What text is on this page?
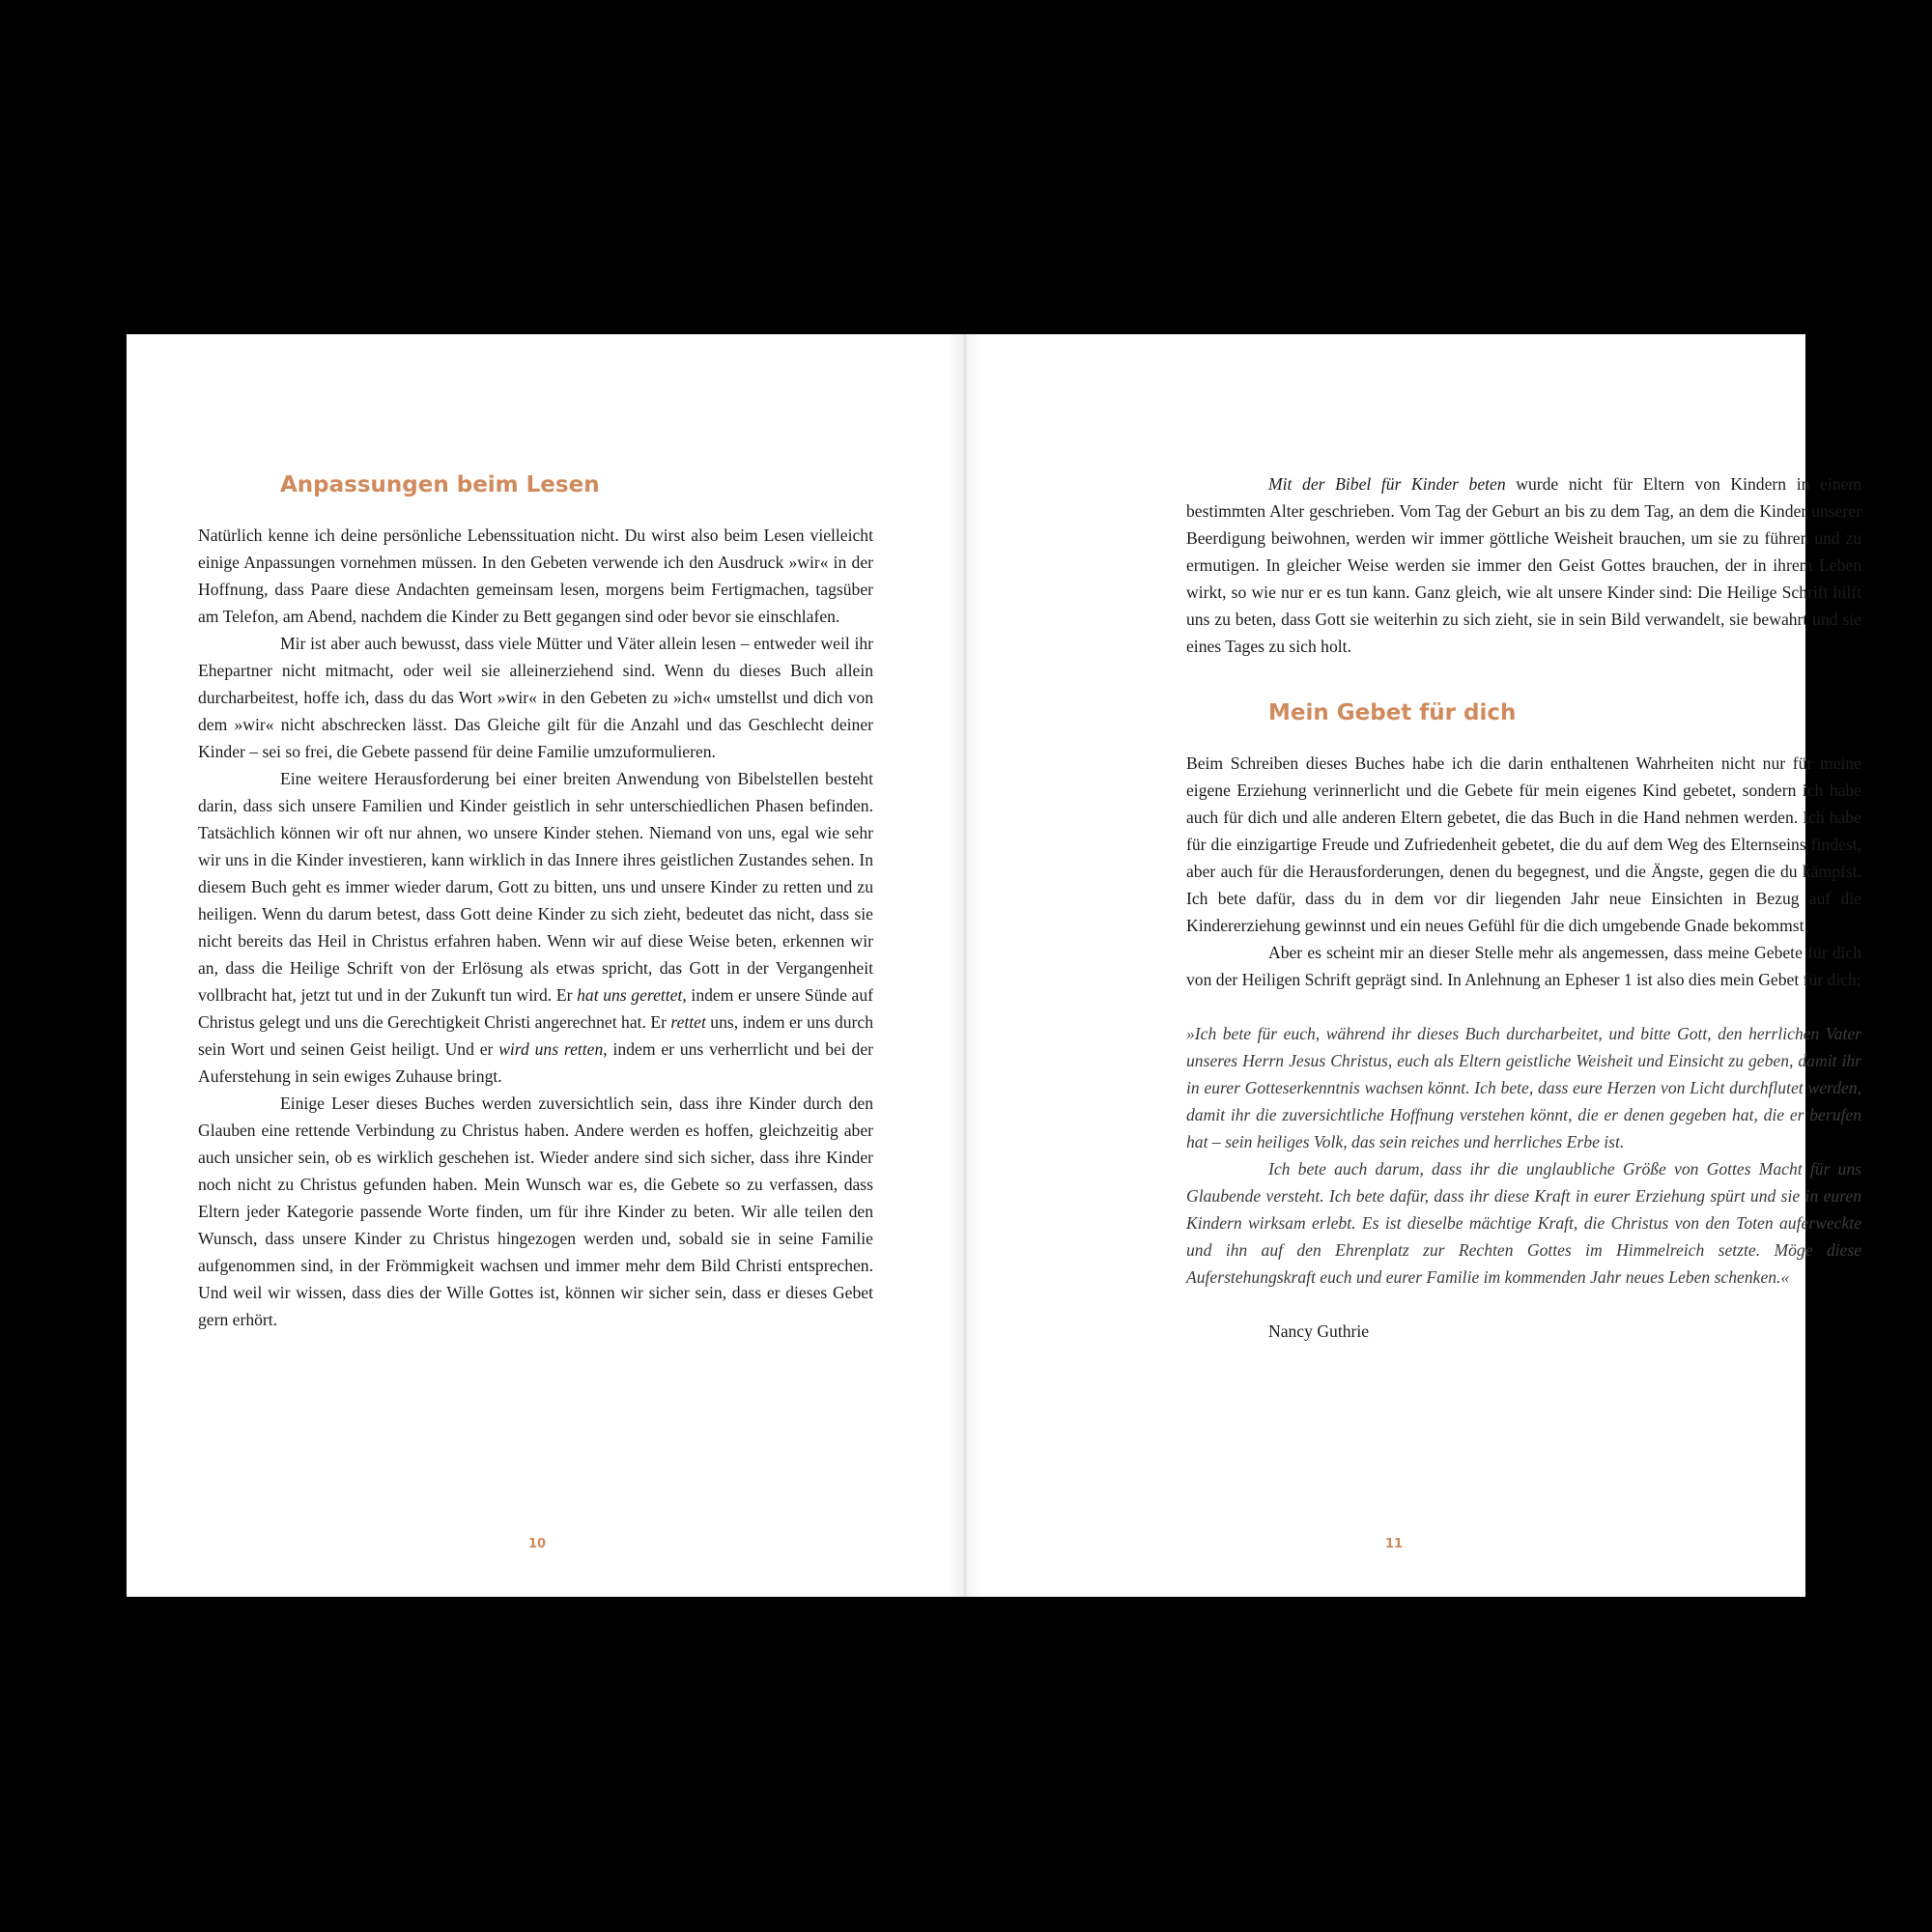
Anpassungen beim Lesen

Natürlich kenne ich deine persönliche Lebenssituation nicht. Du wirst also beim Lesen vielleicht einige Anpassungen vornehmen müssen. In den Gebeten verwende ich den Ausdruck »wir« in der Hoffnung, dass Paare diese Andachten gemeinsam lesen, morgens beim Fertigmachen, tagsüber am Telefon, am Abend, nachdem die Kinder zu Bett gegangen sind oder bevor sie einschlafen.

Mir ist aber auch bewusst, dass viele Mütter und Väter allein lesen – entweder weil ihr Ehepartner nicht mitmacht, oder weil sie alleinerziehend sind. Wenn du dieses Buch allein durcharbeitest, hoffe ich, dass du das Wort »wir« in den Gebeten zu »ich« umstellst und dich von dem »wir« nicht abschrecken lässt. Das Gleiche gilt für die Anzahl und das Geschlecht deiner Kinder – sei so frei, die Gebete passend für deine Familie umzuformulieren.

Eine weitere Herausforderung bei einer breiten Anwendung von Bibelstellen besteht darin, dass sich unsere Familien und Kinder geistlich in sehr unterschiedlichen Phasen befinden. Tatsächlich können wir oft nur ahnen, wo unsere Kinder stehen. Niemand von uns, egal wie sehr wir uns in die Kinder investieren, kann wirklich in das Innere ihres geistlichen Zustandes sehen. In diesem Buch geht es immer wieder darum, Gott zu bitten, uns und unsere Kinder zu retten und zu heiligen. Wenn du darum betest, dass Gott deine Kinder zu sich zieht, bedeutet das nicht, dass sie nicht bereits das Heil in Christus erfahren haben. Wenn wir auf diese Weise beten, erkennen wir an, dass die Heilige Schrift von der Erlösung als etwas spricht, das Gott in der Vergangenheit vollbracht hat, jetzt tut und in der Zukunft tun wird. Er hat uns gerettet, indem er unsere Sünde auf Christus gelegt und uns die Gerechtigkeit Christi angerechnet hat. Er rettet uns, indem er uns durch sein Wort und seinen Geist heiligt. Und er wird uns retten, indem er uns verherrlicht und bei der Auferstehung in sein ewiges Zuhause bringt.

Einige Leser dieses Buches werden zuversichtlich sein, dass ihre Kinder durch den Glauben eine rettende Verbindung zu Christus haben. Andere werden es hoffen, gleichzeitig aber auch unsicher sein, ob es wirklich geschehen ist. Wieder andere sind sich sicher, dass ihre Kinder noch nicht zu Christus gefunden haben. Mein Wunsch war es, die Gebete so zu verfassen, dass Eltern jeder Kategorie passende Worte finden, um für ihre Kinder zu beten. Wir alle teilen den Wunsch, dass unsere Kinder zu Christus hingezogen werden und, sobald sie in seine Familie aufgenommen sind, in der Frömmigkeit wachsen und immer mehr dem Bild Christi entsprechen. Und weil wir wissen, dass dies der Wille Gottes ist, können wir sicher sein, dass er dieses Gebet gern erhört.

10

Mit der Bibel für Kinder beten wurde nicht für Eltern von Kindern in einem bestimmten Alter geschrieben. Vom Tag der Geburt an bis zu dem Tag, an dem die Kinder unserer Beerdigung beiwohnen, werden wir immer göttliche Weisheit brauchen, um sie zu führen und zu ermutigen. In gleicher Weise werden sie immer den Geist Gottes brauchen, der in ihrem Leben wirkt, so wie nur er es tun kann. Ganz gleich, wie alt unsere Kinder sind: Die Heilige Schrift hilft uns zu beten, dass Gott sie weiterhin zu sich zieht, sie in sein Bild verwandelt, sie bewahrt und sie eines Tages zu sich holt.

Mein Gebet für dich

Beim Schreiben dieses Buches habe ich die darin enthaltenen Wahrheiten nicht nur für meine eigene Erziehung verinnerlicht und die Gebete für mein eigenes Kind gebetet, sondern ich habe auch für dich und alle anderen Eltern gebetet, die das Buch in die Hand nehmen werden. Ich habe für die einzigartige Freude und Zufriedenheit gebetet, die du auf dem Weg des Elternseins findest, aber auch für die Herausforderungen, denen du begegnest, und die Ängste, gegen die du kämpfst. Ich bete dafür, dass du in dem vor dir liegenden Jahr neue Einsichten in Bezug auf die Kindererziehung gewinnst und ein neues Gefühl für die dich umgebende Gnade bekommst.

Aber es scheint mir an dieser Stelle mehr als angemessen, dass meine Gebete für dich von der Heiligen Schrift geprägt sind. In Anlehnung an Epheser 1 ist also dies mein Gebet für dich:

»Ich bete für euch, während ihr dieses Buch durcharbeitet, und bitte Gott, den herrlichen Vater unseres Herrn Jesus Christus, euch als Eltern geistliche Weisheit und Einsicht zu geben, damit ihr in eurer Gotteserkenntnis wachsen könnt. Ich bete, dass eure Herzen von Licht durchflutet werden, damit ihr die zuversichtliche Hoffnung verstehen könnt, die er denen gegeben hat, die er berufen hat – sein heiliges Volk, das sein reiches und herrliches Erbe ist.

Ich bete auch darum, dass ihr die unglaubliche Größe von Gottes Macht für uns Glaubende versteht. Ich bete dafür, dass ihr diese Kraft in eurer Erziehung spürt und sie in euren Kindern wirksam erlebt. Es ist dieselbe mächtige Kraft, die Christus von den Toten auferweckte und ihn auf den Ehrenplatz zur Rechten Gottes im Himmelreich setzte. Möge diese Auferstehungskraft euch und eurer Familie im kommenden Jahr neues Leben schenken.«

Nancy Guthrie

11
